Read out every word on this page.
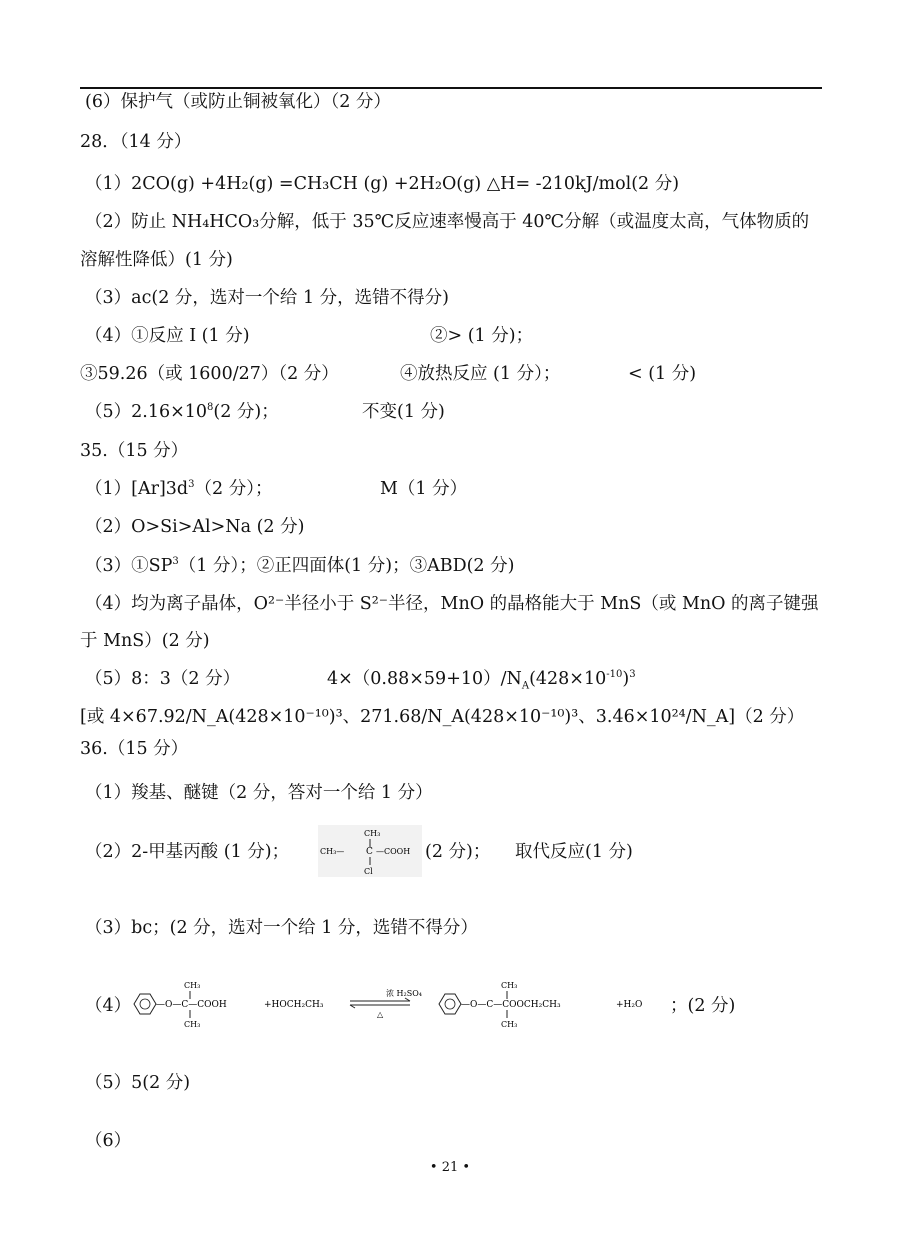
(6）保护气（或防止铜被氧化）（2 分）
28．（14 分）
（1）2CO(g) +4H₂(g) =CH₃CH (g) +2H₂O(g) △H= -210kJ/mol(2 分)
（2）防止 NH₄HCO₃分解，低于 35℃反应速率慢高于 40℃分解（或温度太高，气体物质的
溶解性降低）(1 分)
（3）ac(2 分，选对一个给 1 分，选错不得分)
（4）①反应 I (1 分)	②> (1 分)；
③59.26（或 1600/27）（2 分）	④放热反应 (1 分）；	< (1 分)
$(5)2.16\times 10^8(2$ 分)；	不变(1 分)
35.（15 分）
$(1)[Ar]3d^3(2$ 分）；	M（1 分）
（2）O>Si>Al>Na (2 分)
$(3)①SP^3(1$ 分）；②正四面体(1 分)；③ABD(2 分)
（4）均为离子晶体，O²⁻半径小于 S²⁻半径，MnO 的晶格能大于 MnS（或 MnO 的离子键强
于 MnS）(2 分)
（5）8：3（2 分）	$4\times(0.88\times 59+10)/N_A(428\times 10^{-10})^3$
[或 4×67.92/N_A(428×10⁻¹⁰)³、271.68/N_A(428×10⁻¹⁰)³、3.46×10²⁴/N_A]（2 分）
36.（15 分）
（1）羧基、醚键（2 分，答对一个给 1 分）
（2）2-甲基丙酸 (1 分)；
CH₃
CH₃— C —COOH
Cl
(2 分)； 取代反应(1 分)
（3）bc；(2 分，选对一个给 1 分，选错不得分）
（4）
CH₃
—O—C—COOH
CH₃
+HOCH₂CH₃
浓 H₂SO₄
△
CH₃
—O—C—COOCH₂CH₃
CH₃
+H₂O ；(2 分)
（5）5(2 分)
（6）
• 21 •
